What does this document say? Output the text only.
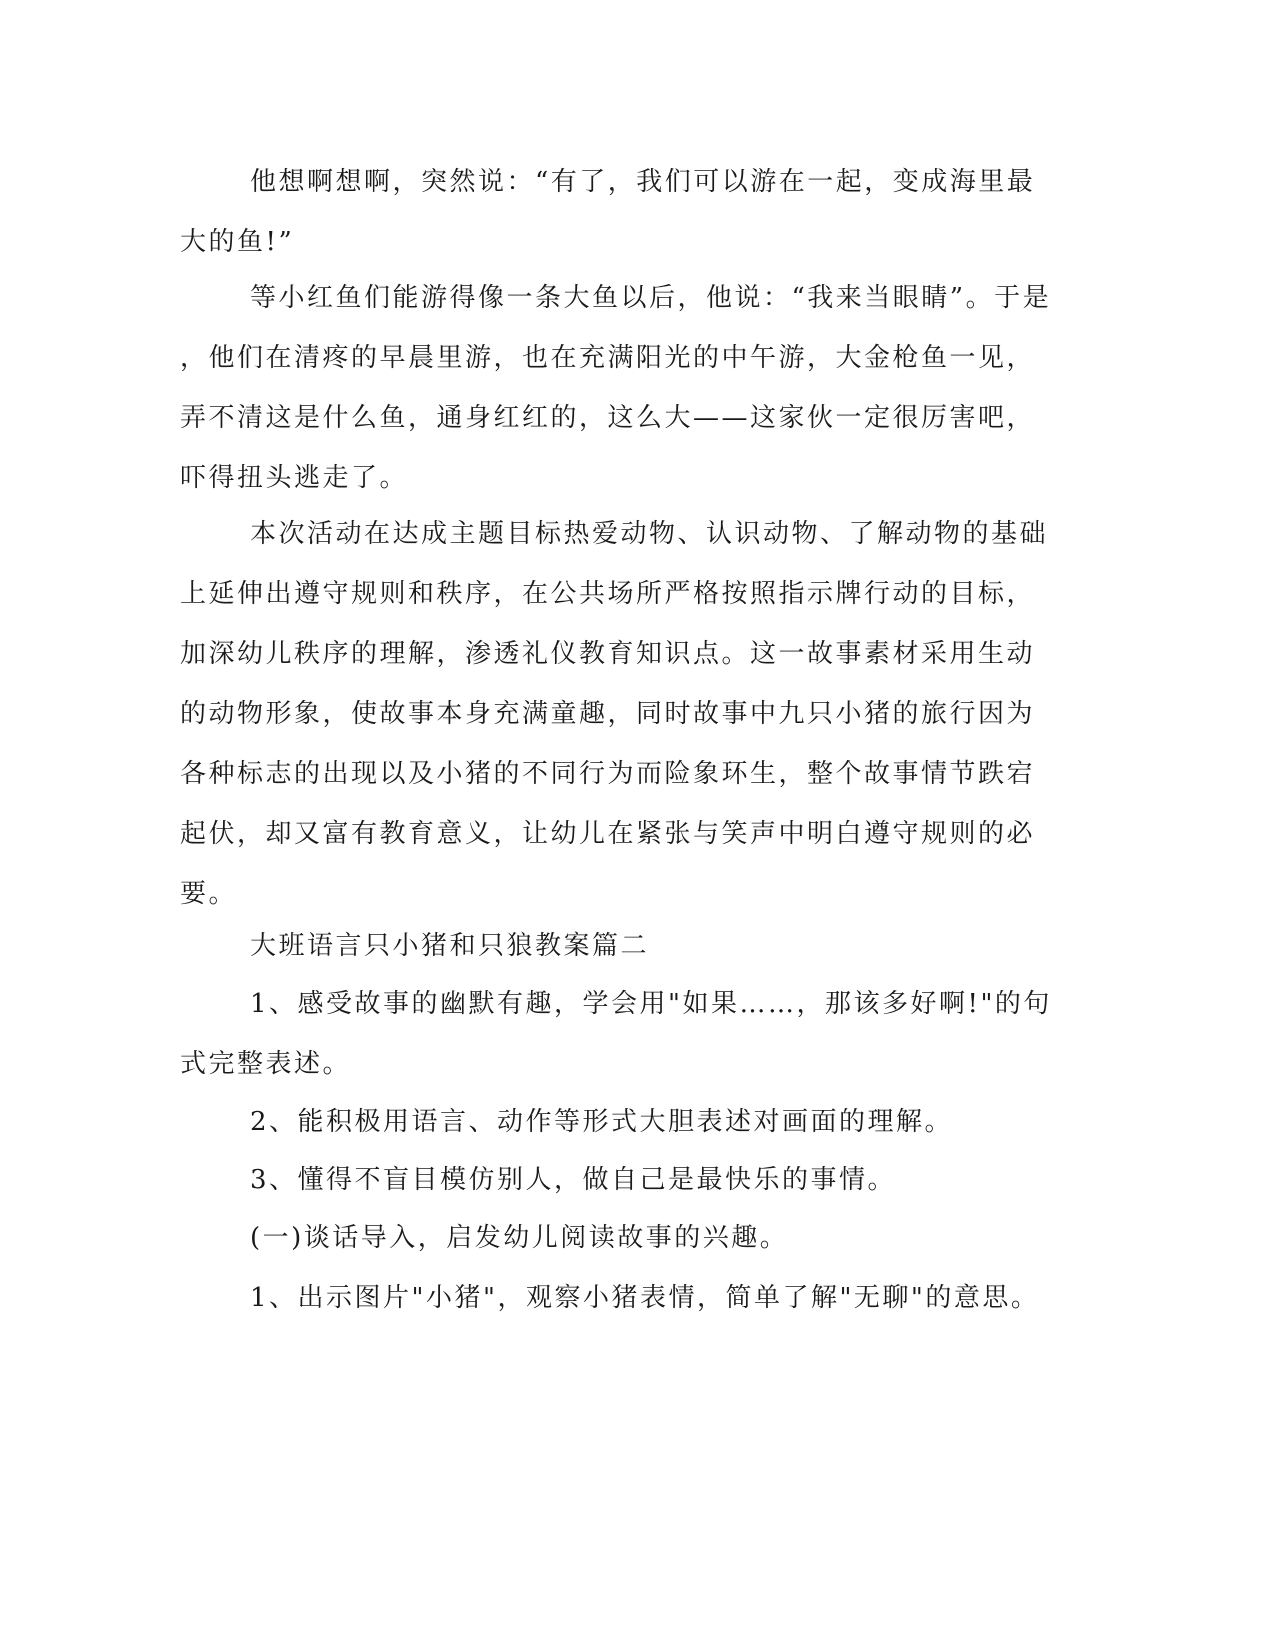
他想啊想啊，突然说：“有了，我们可以游在一起，变成海里最
大的鱼!”
等小红鱼们能游得像一条大鱼以后，他说：“我来当眼睛”。于是
，他们在清疼的早晨里游，也在充满阳光的中午游，大金枪鱼一见，
弄不清这是什么鱼，通身红红的，这么大——这家伙一定很厉害吧，
吓得扭头逃走了。
本次活动在达成主题目标热爱动物、认识动物、了解动物的基础
上延伸出遵守规则和秩序，在公共场所严格按照指示牌行动的目标，
加深幼儿秩序的理解，渗透礼仪教育知识点。这一故事素材采用生动
的动物形象，使故事本身充满童趣，同时故事中九只小猪的旅行因为
各种标志的出现以及小猪的不同行为而险象环生，整个故事情节跌宕
起伏，却又富有教育意义，让幼儿在紧张与笑声中明白遵守规则的必
要。
大班语言只小猪和只狼教案篇二
1、感受故事的幽默有趣，学会用"如果……，那该多好啊!"的句
式完整表述。
2、能积极用语言、动作等形式大胆表述对画面的理解。
3、懂得不盲目模仿别人，做自己是最快乐的事情。
(一)谈话导入，启发幼儿阅读故事的兴趣。
1、出示图片"小猪"，观察小猪表情，简单了解"无聊"的意思。
